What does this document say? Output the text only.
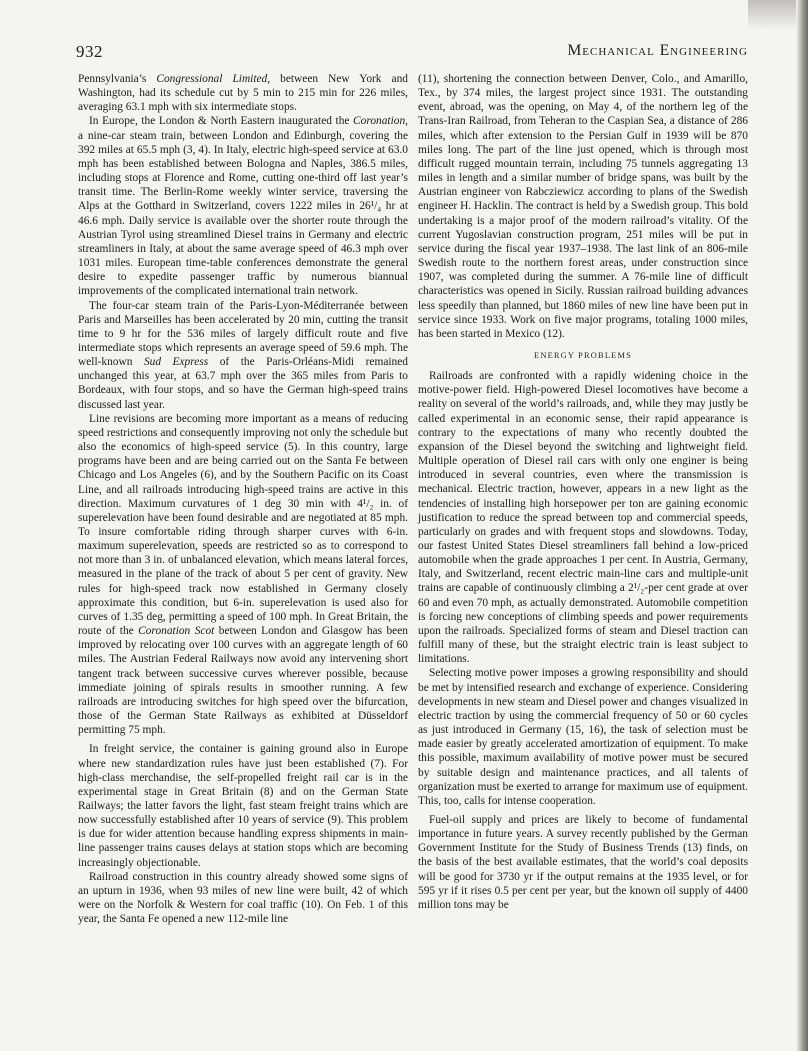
932	Mechanical Engineering

Pennsylvania’s Congressional Limited, between New York and Washington, had its schedule cut by 5 min to 215 min for 226 miles, averaging 63.1 mph with six intermediate stops.

In Europe, the London & North Eastern inaugurated the Coronation, a nine-car steam train, between London and Edinburgh, covering the 392 miles at 65.5 mph (3, 4). In Italy, electric high-speed service at 63.0 mph has been established between Bologna and Naples, 386.5 miles, including stops at Florence and Rome, cutting one-third off last year’s transit time. The Berlin-Rome weekly winter service, traversing the Alps at the Gotthard in Switzerland, covers 1222 miles in 26¹/₄ hr at 46.6 mph. Daily service is available over the shorter route through the Austrian Tyrol using streamlined Diesel trains in Germany and electric streamliners in Italy, at about the same average speed of 46.3 mph over 1031 miles. European time-table conferences demonstrate the general desire to expedite passenger traffic by numerous biannual improvements of the complicated international train network.

The four-car steam train of the Paris-Lyon-Méditerranée between Paris and Marseilles has been accelerated by 20 min, cutting the transit time to 9 hr for the 536 miles of largely difficult route and five intermediate stops which represents an average speed of 59.6 mph. The well-known Sud Express of the Paris-Orléans-Midi remained unchanged this year, at 63.7 mph over the 365 miles from Paris to Bordeaux, with four stops, and so have the German high-speed trains discussed last year.

Line revisions are becoming more important as a means of reducing speed restrictions and consequently improving not only the schedule but also the economics of high-speed service (5). In this country, large programs have been and are being carried out on the Santa Fe between Chicago and Los Angeles (6), and by the Southern Pacific on its Coast Line, and all railroads introducing high-speed trains are active in this direction. Maximum curvatures of 1 deg 30 min with 4¹/₂ in. of superelevation have been found desirable and are negotiated at 85 mph. To insure comfortable riding through sharper curves with 6-in. maximum superelevation, speeds are restricted so as to correspond to not more than 3 in. of unbalanced elevation, which means lateral forces, measured in the plane of the track of about 5 per cent of gravity. New rules for high-speed track now established in Germany closely approximate this condition, but 6-in. superelevation is used also for curves of 1.35 deg, permitting a speed of 100 mph. In Great Britain, the route of the Coronation Scot between London and Glasgow has been improved by relocating over 100 curves with an aggregate length of 60 miles. The Austrian Federal Railways now avoid any intervening short tangent track between successive curves wherever possible, because immediate joining of spirals results in smoother running. A few railroads are introducing switches for high speed over the bifurcation, those of the German State Railways as exhibited at Düsseldorf permitting 75 mph.

In freight service, the container is gaining ground also in Europe where new standardization rules have just been established (7). For high-class merchandise, the self-propelled freight rail car is in the experimental stage in Great Britain (8) and on the German State Railways; the latter favors the light, fast steam freight trains which are now successfully established after 10 years of service (9). This problem is due for wider attention because handling express shipments in main-line passenger trains causes delays at station stops which are becoming increasingly objectionable.

Railroad construction in this country already showed some signs of an upturn in 1936, when 93 miles of new line were built, 42 of which were on the Norfolk & Western for coal traffic (10). On Feb. 1 of this year, the Santa Fe opened a new 112-mile line

(11), shortening the connection between Denver, Colo., and Amarillo, Tex., by 374 miles, the largest project since 1931. The outstanding event, abroad, was the opening, on May 4, of the northern leg of the Trans-Iran Railroad, from Teheran to the Caspian Sea, a distance of 286 miles, which after extension to the Persian Gulf in 1939 will be 870 miles long. The part of the line just opened, which is through most difficult rugged mountain terrain, including 75 tunnels aggregating 13 miles in length and a similar number of bridge spans, was built by the Austrian engineer von Rabcziewicz according to plans of the Swedish engineer H. Hacklin. The contract is held by a Swedish group. This bold undertaking is a major proof of the modern railroad’s vitality. Of the current Yugoslavian construction program, 251 miles will be put in service during the fiscal year 1937–1938. The last link of an 806-mile Swedish route to the northern forest areas, under construction since 1907, was completed during the summer. A 76-mile line of difficult characteristics was opened in Sicily. Russian railroad building advances less speedily than planned, but 1860 miles of new line have been put in service since 1933. Work on five major programs, totaling 1000 miles, has been started in Mexico (12).

ENERGY PROBLEMS

Railroads are confronted with a rapidly widening choice in the motive-power field. High-powered Diesel locomotives have become a reality on several of the world’s railroads, and, while they may justly be called experimental in an economic sense, their rapid appearance is contrary to the expectations of many who recently doubted the expansion of the Diesel beyond the switching and lightweight field. Multiple operation of Diesel rail cars with only one enginer is being introduced in several countries, even where the transmission is mechanical. Electric traction, however, appears in a new light as the tendencies of installing high horsepower per ton are gaining economic justification to reduce the spread between top and commercial speeds, particularly on grades and with frequent stops and slowdowns. Today, our fastest United States Diesel streamliners fall behind a low-priced automobile when the grade approaches 1 per cent. In Austria, Germany, Italy, and Switzerland, recent electric main-line cars and multiple-unit trains are capable of continuously climbing a 2¹/₂-per cent grade at over 60 and even 70 mph, as actually demonstrated. Automobile competition is forcing new conceptions of climbing speeds and power requirements upon the railroads. Specialized forms of steam and Diesel traction can fulfill many of these, but the straight electric train is least subject to limitations.

Selecting motive power imposes a growing responsibility and should be met by intensified research and exchange of experience. Considering developments in new steam and Diesel power and changes visualized in electric traction by using the commercial frequency of 50 or 60 cycles as just introduced in Germany (15, 16), the task of selection must be made easier by greatly accelerated amortization of equipment. To make this possible, maximum availability of motive power must be secured by suitable design and maintenance practices, and all talents of organization must be exerted to arrange for maximum use of equipment. This, too, calls for intense cooperation.

Fuel-oil supply and prices are likely to become of fundamental importance in future years. A survey recently published by the German Government Institute for the Study of Business Trends (13) finds, on the basis of the best available estimates, that the world’s coal deposits will be good for 3730 yr if the output remains at the 1935 level, or for 595 yr if it rises 0.5 per cent per year, but the known oil supply of 4400 million tons may be
